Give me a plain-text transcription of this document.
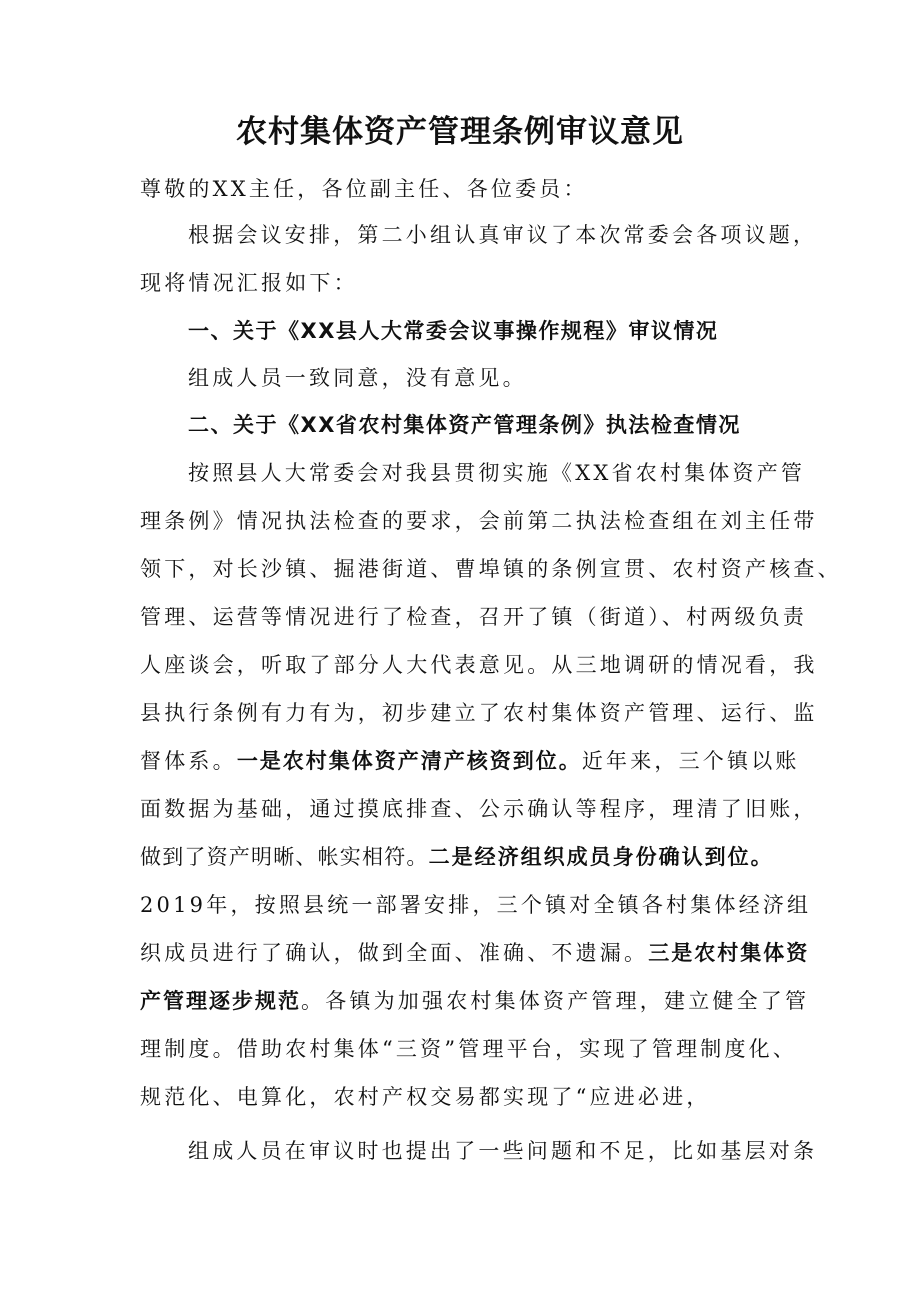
农村集体资产管理条例审议意见
尊敬的XX主任，各位副主任、各位委员：
根据会议安排，第二小组认真审议了本次常委会各项议题，
现将情况汇报如下：
一、关于《XX县人大常委会议事操作规程》审议情况
组成人员一致同意，没有意见。
二、关于《XX省农村集体资产管理条例》执法检查情况
按照县人大常委会对我县贯彻实施《XX省农村集体资产管
理条例》情况执法检查的要求，会前第二执法检查组在刘主任带
领下，对长沙镇、掘港街道、曹埠镇的条例宣贯、农村资产核查、
管理、运营等情况进行了检查，召开了镇（街道）、村两级负责
人座谈会，听取了部分人大代表意见。从三地调研的情况看，我
县执行条例有力有为，初步建立了农村集体资产管理、运行、监
督体系。一是农村集体资产清产核资到位。近年来，三个镇以账
面数据为基础，通过摸底排查、公示确认等程序，理清了旧账，
做到了资产明晰、帐实相符。二是经济组织成员身份确认到位。
2019年，按照县统一部署安排，三个镇对全镇各村集体经济组
织成员进行了确认，做到全面、准确、不遗漏。三是农村集体资
产管理逐步规范。各镇为加强农村集体资产管理，建立健全了管
理制度。借助农村集体“三资”管理平台，实现了管理制度化、
规范化、电算化，农村产权交易都实现了“应进必进，
组成人员在审议时也提出了一些问题和不足，比如基层对条
